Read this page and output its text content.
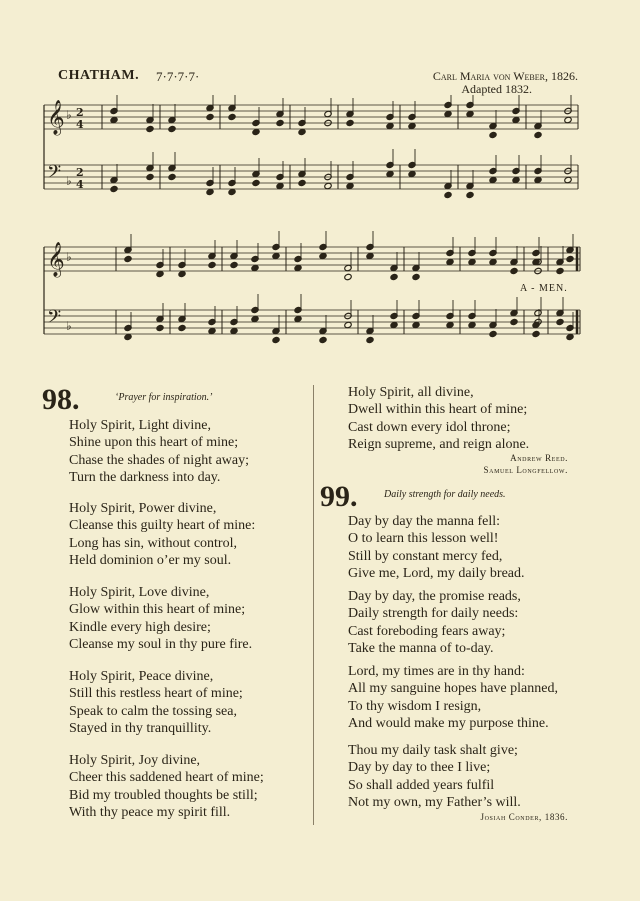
CHATHAM. 7·7·7·7·	Carl Maria von Weber, 1826.
Adapted 1832.
𝄞 ♭ 2
4
𝄢 ♭
2
4
𝄞 ♭
𝄢 ♭
A - MEN.
98.	‘Prayer for inspiration.’
Holy Spirit, Light divine,
Shine upon this heart of mine;
Chase the shades of night away;
Turn the darkness into day.
Holy Spirit, Power divine,
Cleanse this guilty heart of mine:
Long has sin, without control,
Held dominion o’er my soul.
Holy Spirit, Love divine,
Glow within this heart of mine;
Kindle every high desire;
Cleanse my soul in thy pure fire.
Holy Spirit, Peace divine,
Still this restless heart of mine;
Speak to calm the tossing sea,
Stayed in thy tranquillity.
Holy Spirit, Joy divine,
Cheer this saddened heart of mine;
Bid my troubled thoughts be still;
With thy peace my spirit fill.
Holy Spirit, all divine,
Dwell within this heart of mine;
Cast down every idol throne;
Reign supreme, and reign alone.
Andrew Reed.
Samuel Longfellow.
99.	Daily strength for daily needs.
Day by day the manna fell:
O to learn this lesson well!
Still by constant mercy fed,
Give me, Lord, my daily bread.
Day by day, the promise reads,
Daily strength for daily needs:
Cast foreboding fears away;
Take the manna of to-day.
Lord, my times are in thy hand:
All my sanguine hopes have planned,
To thy wisdom I resign,
And would make my purpose thine.
Thou my daily task shalt give;
Day by day to thee I live;
So shall added years fulfil
Not my own, my Father’s will.
Josiah Conder, 1836.
